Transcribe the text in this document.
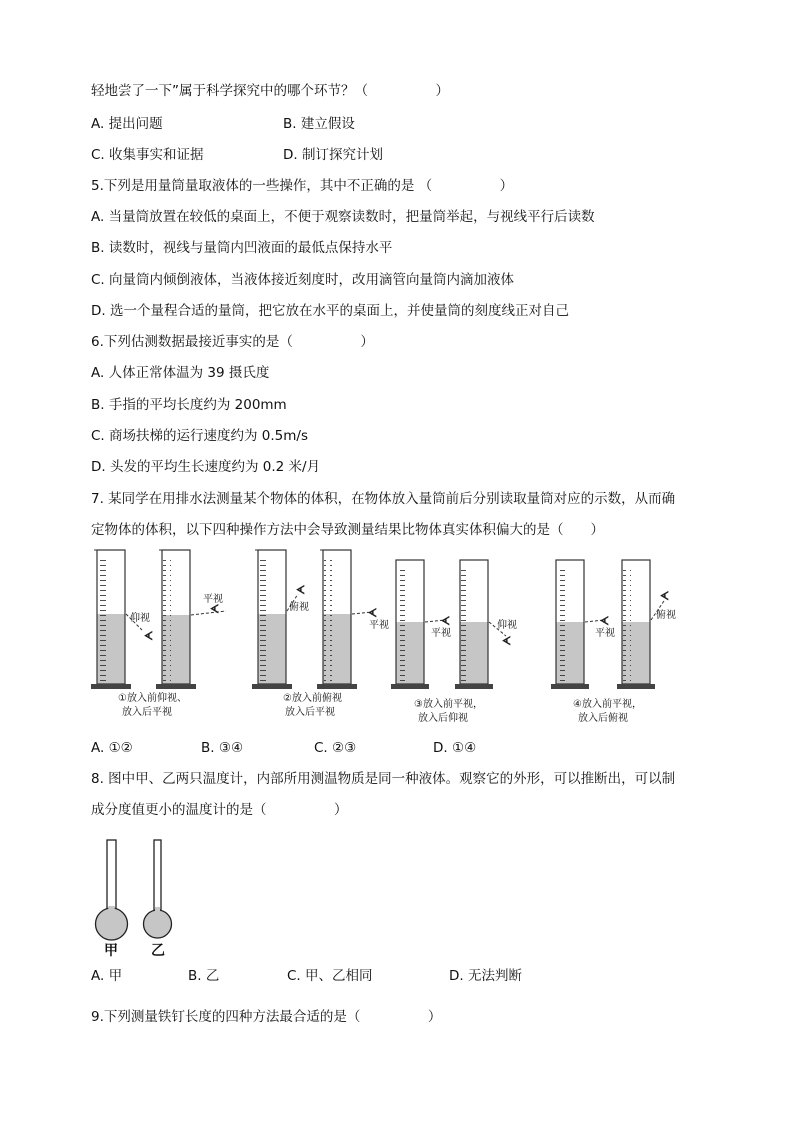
轻地尝了一下”属于科学探究中的哪个环节？（　　　　　）
A. 提出问题	B. 建立假设
C. 收集事实和证据	D. 制订探究计划
5.下列是用量筒量取液体的一些操作，其中不正确的是 （　　　　　）
A. 当量筒放置在较低的桌面上，不便于观察读数时，把量筒举起，与视线平行后读数
B. 读数时，视线与量筒内凹液面的最低点保持水平
C. 向量筒内倾倒液体，当液体接近刻度时，改用滴管向量筒内滴加液体
D. 选一个量程合适的量筒，把它放在水平的桌面上，并使量筒的刻度线正对自己
6.下列估测数据最接近事实的是（　　　　　）
A. 人体正常体温为 39 摄氏度
B. 手指的平均长度约为 200mm
C. 商场扶梯的运行速度约为 0.5m/s
D. 头发的平均生长速度约为 0.2 米/月
7. 某同学在用排水法测量某个物体的体积，在物体放入量筒前后分别读取量筒对应的示数，从而确
定物体的体积，以下四种操作方法中会导致测量结果比物体真实体积偏大的是（　　）
ᗉ
ᗉ
ᗉ
ᗉ
ᗉ
ᗉ
ᗉ
ᗉ
仰视
平视
俯视
平视
平视
仰视
平视
俯视
①放入前仰视、
放入后平视
②放入前俯视
放入后平视
③放入前平视，
放入后仰视
④放入前平视，
放入后俯视
A. ①②	B. ③④	C. ②③	D. ①④
8. 图中甲、乙两只温度计，内部所用测温物质是同一种液体。观察它的外形，可以推断出，可以制
成分度值更小的温度计的是（　　　　　）
甲 乙
A. 甲	B. 乙	C. 甲、乙相同	D. 无法判断
9.下列测量铁钉长度的四种方法最合适的是（　　　　　）
